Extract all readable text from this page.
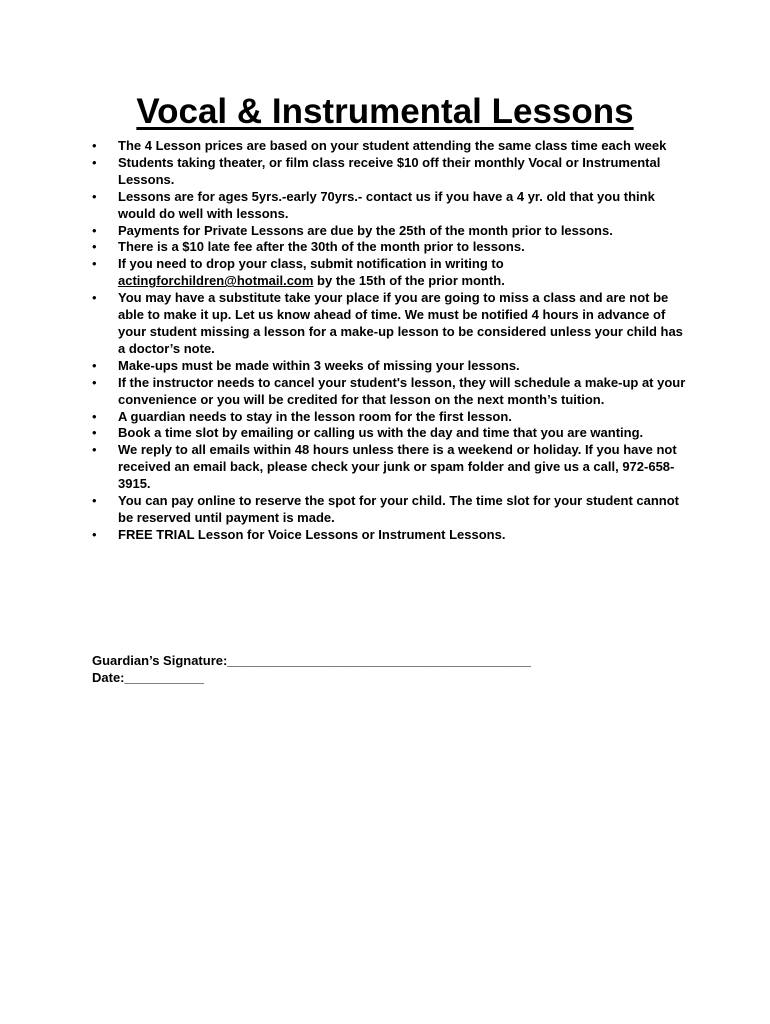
Vocal & Instrumental Lessons
• The 4 Lesson prices are based on your student attending the same class time each week
• Students taking theater, or film class receive $10 off their monthly Vocal or Instrumental Lessons.
• Lessons are for ages 5yrs.-early 70yrs.- contact us if you have a 4 yr. old that you think would do well with lessons.
• Payments for Private Lessons are due by the 25th of the month prior to lessons.
• There is a $10 late fee after the 30th of the month prior to lessons.
• If you need to drop your class, submit notification in writing to actingforchildren@hotmail.com by the 15th of the prior month.
• You may have a substitute take your place if you are going to miss a class and are not be able to make it up. Let us know ahead of time. We must be notified 4 hours in advance of your student missing a lesson for a make-up lesson to be considered unless your child has a doctor’s note.
• Make-ups must be made within 3 weeks of missing your lessons.
• If the instructor needs to cancel your student's lesson, they will schedule a make-up at your convenience or you will be credited for that lesson on the next month’s tuition.
• A guardian needs to stay in the lesson room for the first lesson.
• Book a time slot by emailing or calling us with the day and time that you are wanting.
• We reply to all emails within 48 hours unless there is a weekend or holiday. If you have not received an email back, please check your junk or spam folder and give us a call, 972-658-3915.
• You can pay online to reserve the spot for your child. The time slot for your student cannot be reserved until payment is made.
• FREE TRIAL Lesson for Voice Lessons or Instrument Lessons.
Guardian’s Signature:__________________________________________
Date:___________
